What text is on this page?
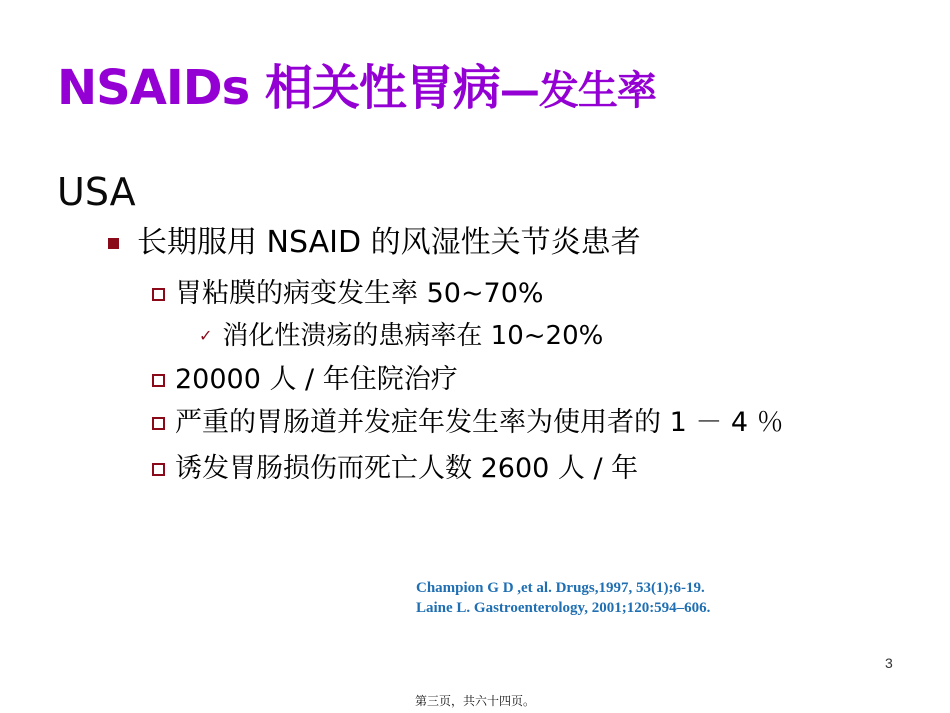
NSAIDs 相关性胃病—发生率
USA
长期服用 NSAID 的风湿性关节炎患者
胃粘膜的病变发生率 50~70%
✓ 消化性溃疡的患病率在 10~20%
20000 人 / 年住院治疗
严重的胃肠道并发症年发生率为使用者的 1 － 4 ％
诱发胃肠损伤而死亡人数 2600 人 / 年
Champion G D ,et al. Drugs,1997, 53(1);6-19.
Laine L. Gastroenterology, 2001;120:594–606.
3
第三页，共六十四页。
